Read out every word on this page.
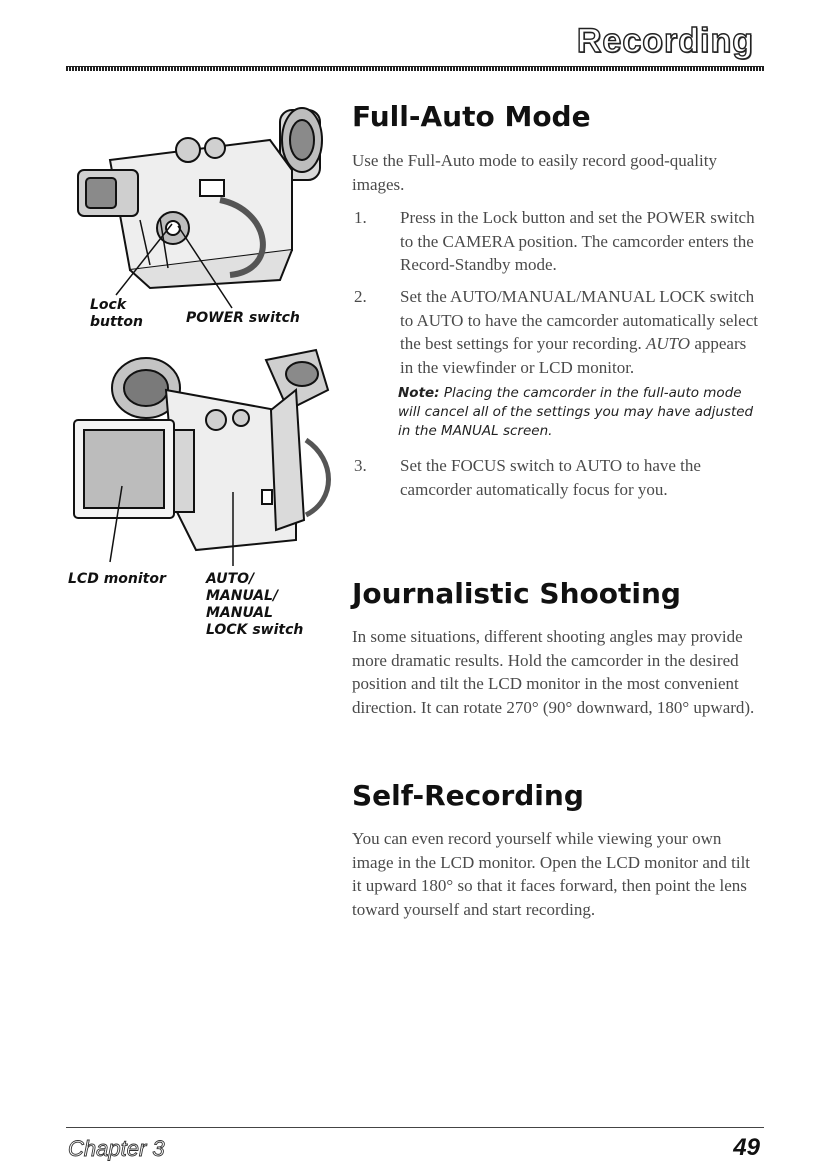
Recording
Lock
button	POWER switch
LCD monitor	AUTO/
MANUAL/
MANUAL
LOCK switch
Full-Auto Mode
Use the Full-Auto mode to easily record good-quality images.
1. Press in the Lock button and set the POWER switch to the CAMERA position. The camcorder enters the Record-Standby mode.
2. Set the AUTO/MANUAL/MANUAL LOCK switch to AUTO to have the camcorder automatically select the best settings for your recording. AUTO appears in the viewfinder or LCD monitor.
Note: Placing the camcorder in the full-auto mode will cancel all of the settings you may have adjusted in the MANUAL screen.
3. Set the FOCUS switch to AUTO to have the camcorder automatically focus for you.
Journalistic Shooting
In some situations, different shooting angles may provide more dramatic results. Hold the camcorder in the desired position and tilt the LCD monitor in the most convenient direction. It can rotate 270° (90° downward, 180° upward).
Self-Recording
You can even record yourself while viewing your own image in the LCD monitor. Open the LCD monitor and tilt it upward 180° so that it faces forward, then point the lens toward yourself and start recording.
Chapter 3	49
